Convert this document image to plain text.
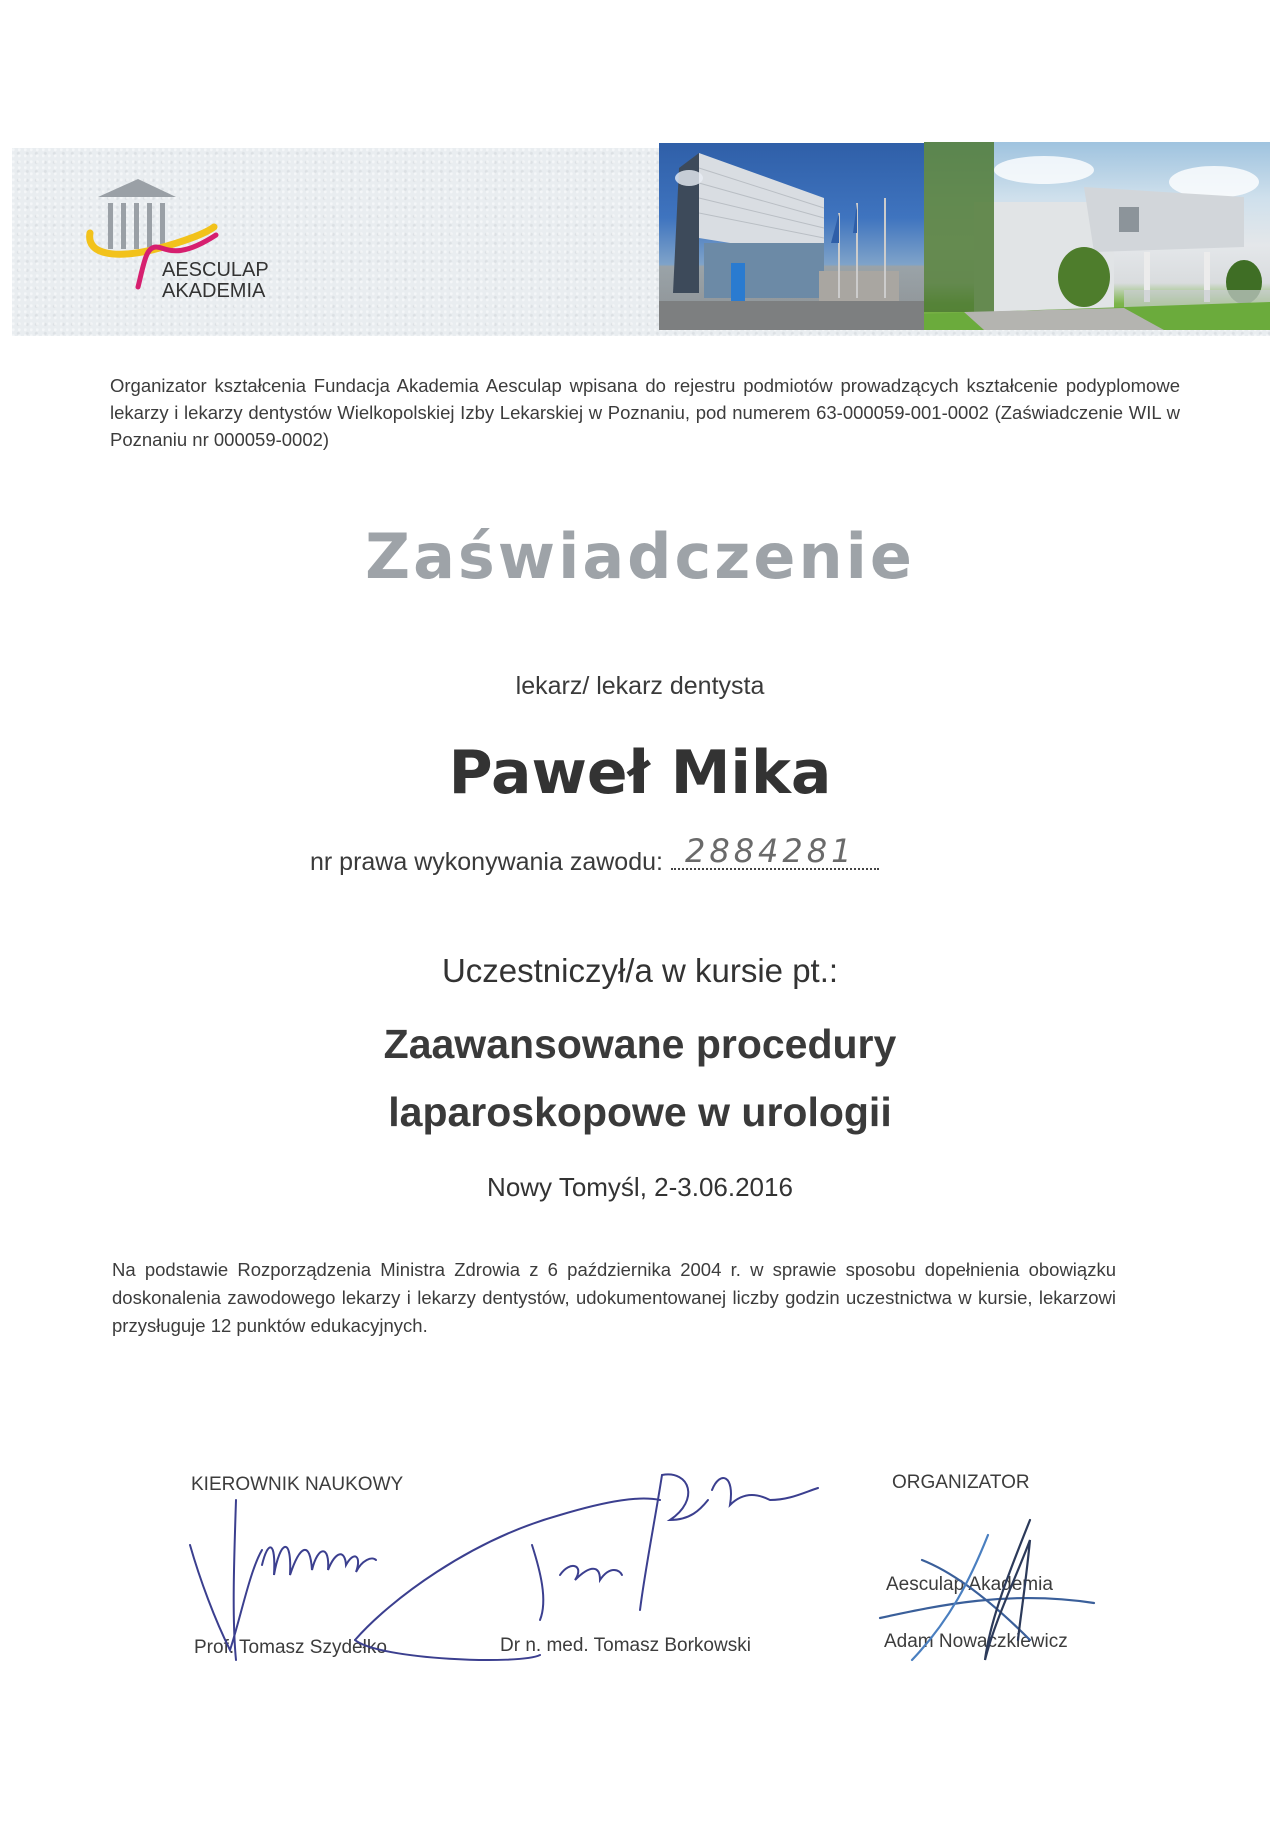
AESCULAP
AKADEMIA
Organizator kształcenia Fundacja Akademia Aesculap wpisana do rejestru podmiotów prowadzących kształcenie podyplomowe lekarzy i lekarzy dentystów Wielkopolskiej Izby Lekarskiej w Poznaniu, pod numerem 63-000059-001-0002 (Zaświadczenie WIL w Poznaniu nr 000059-0002)
Zaświadczenie
lekarz/ lekarz dentysta
Paweł Mika
nr prawa wykonywania zawodu: 2884281
Uczestniczył/a w kursie pt.:
Zaawansowane procedury
laparoskopowe w urologii
Nowy Tomyśl, 2-3.06.2016
Na podstawie Rozporządzenia Ministra Zdrowia z 6 października 2004 r. w sprawie sposobu dopełnienia obowiązku doskonalenia zawodowego lekarzy i lekarzy dentystów, udokumentowanej liczby godzin uczestnictwa w kursie, lekarzowi przysługuje 12 punktów edukacyjnych.
KIEROWNIK NAUKOWY
Prof. Tomasz Szydełko	Dr n. med. Tomasz Borkowski
ORGANIZATOR
Aesculap Akademia
Adam Nowaczkiewicz
